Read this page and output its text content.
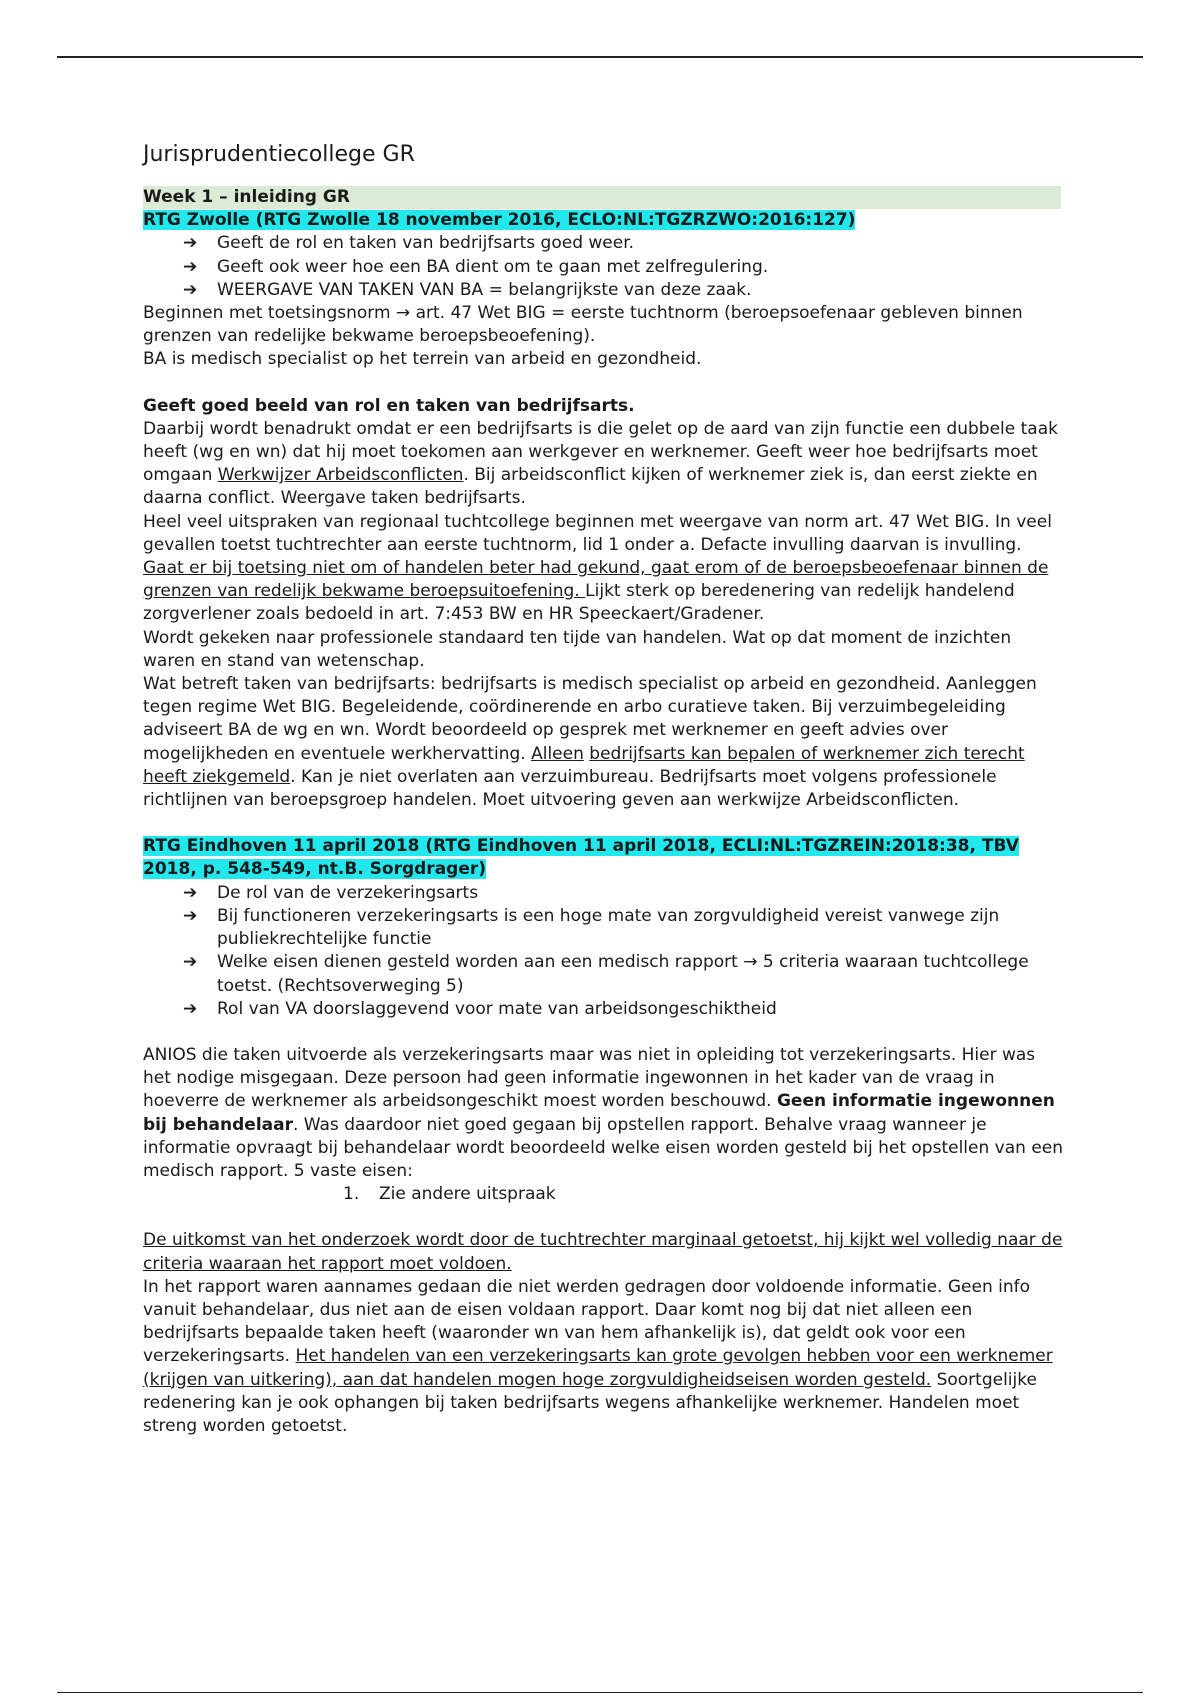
Jurisprudentiecollege GR

Week 1 – inleiding GR

RTG Zwolle (RTG Zwolle 18 november 2016, ECLO:NL:TGZRZWO:2016:127)

➔ Geeft de rol en taken van bedrijfsarts goed weer.
➔ Geeft ook weer hoe een BA dient om te gaan met zelfregulering.
➔ WEERGAVE VAN TAKEN VAN BA = belangrijkste van deze zaak.

Beginnen met toetsingsnorm → art. 47 Wet BIG = eerste tuchtnorm (beroepsoefenaar gebleven binnen grenzen van redelijke bekwame beroepsbeoefening).

BA is medisch specialist op het terrein van arbeid en gezondheid.

Geeft goed beeld van rol en taken van bedrijfsarts.

Daarbij wordt benadrukt omdat er een bedrijfsarts is die gelet op de aard van zijn functie een dubbele taak heeft (wg en wn) dat hij moet toekomen aan werkgever en werknemer. Geeft weer hoe bedrijfsarts moet omgaan Werkwijzer Arbeidsconflicten. Bij arbeidsconflict kijken of werknemer ziek is, dan eerst ziekte en daarna conflict. Weergave taken bedrijfsarts.

Heel veel uitspraken van regionaal tuchtcollege beginnen met weergave van norm art. 47 Wet BIG. In veel gevallen toetst tuchtrechter aan eerste tuchtnorm, lid 1 onder a. Defacte invulling daarvan is invulling. Gaat er bij toetsing niet om of handelen beter had gekund, gaat erom of de beroepsbeoefenaar binnen de grenzen van redelijk bekwame beroepsuitoefening. Lijkt sterk op beredenering van redelijk handelend zorgverlener zoals bedoeld in art. 7:453 BW en HR Speeckaert/Gradener.

Wordt gekeken naar professionele standaard ten tijde van handelen. Wat op dat moment de inzichten waren en stand van wetenschap.

Wat betreft taken van bedrijfsarts: bedrijfsarts is medisch specialist op arbeid en gezondheid. Aanleggen tegen regime Wet BIG. Begeleidende, coördinerende en arbo curatieve taken. Bij verzuimbegeleiding adviseert BA de wg en wn. Wordt beoordeeld op gesprek met werknemer en geeft advies over mogelijkheden en eventuele werkhervatting. Alleen bedrijfsarts kan bepalen of werknemer zich terecht heeft ziekgemeld. Kan je niet overlaten aan verzuimbureau. Bedrijfsarts moet volgens professionele richtlijnen van beroepsgroep handelen. Moet uitvoering geven aan werkwijze Arbeidsconflicten.

RTG Eindhoven 11 april 2018 (RTG Eindhoven 11 april 2018, ECLI:NL:TGZREIN:2018:38, TBV
2018, p. 548-549, nt.B. Sorgdrager)

➔ De rol van de verzekeringsarts
➔ Bij functioneren verzekeringsarts is een hoge mate van zorgvuldigheid vereist vanwege zijn publiekrechtelijke functie
➔ Welke eisen dienen gesteld worden aan een medisch rapport → 5 criteria waaraan tuchtcollege toetst. (Rechtsoverweging 5)
➔ Rol van VA doorslaggevend voor mate van arbeidsongeschiktheid

ANIOS die taken uitvoerde als verzekeringsarts maar was niet in opleiding tot verzekeringsarts. Hier was het nodige misgegaan. Deze persoon had geen informatie ingewonnen in het kader van de vraag in hoeverre de werknemer als arbeidsongeschikt moest worden beschouwd. Geen informatie ingewonnen bij behandelaar. Was daardoor niet goed gegaan bij opstellen rapport. Behalve vraag wanneer je informatie opvraagt bij behandelaar wordt beoordeeld welke eisen worden gesteld bij het opstellen van een medisch rapport. 5 vaste eisen:

1. Zie andere uitspraak

De uitkomst van het onderzoek wordt door de tuchtrechter marginaal getoetst, hij kijkt wel volledig naar de criteria waaraan het rapport moet voldoen.

In het rapport waren aannames gedaan die niet werden gedragen door voldoende informatie. Geen info vanuit behandelaar, dus niet aan de eisen voldaan rapport. Daar komt nog bij dat niet alleen een bedrijfsarts bepaalde taken heeft (waaronder wn van hem afhankelijk is), dat geldt ook voor een verzekeringsarts. Het handelen van een verzekeringsarts kan grote gevolgen hebben voor een werknemer (krijgen van uitkering), aan dat handelen mogen hoge zorgvuldigheidseisen worden gesteld. Soortgelijke redenering kan je ook ophangen bij taken bedrijfsarts wegens afhankelijke werknemer. Handelen moet streng worden getoetst.
